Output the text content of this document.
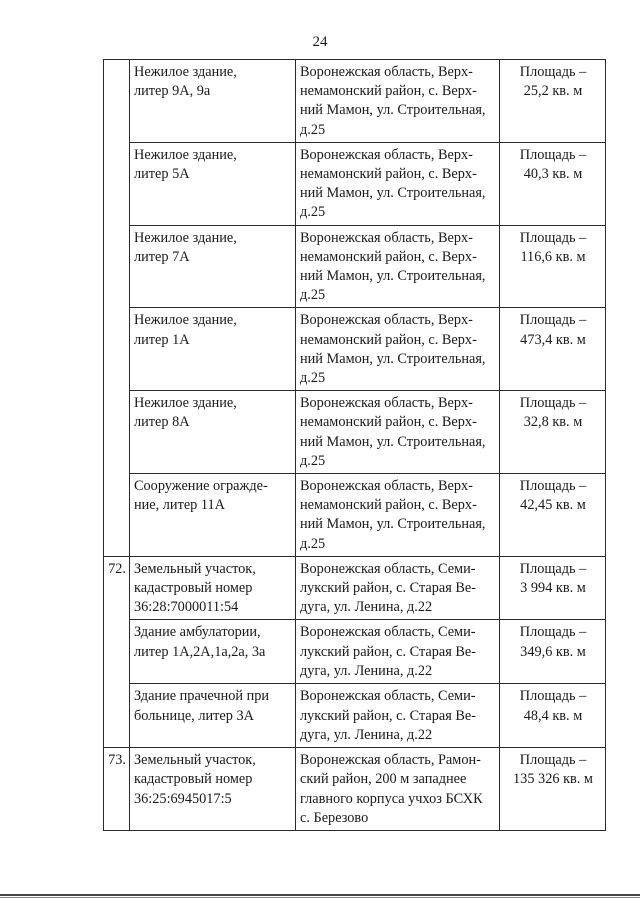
24
	Нежилое здание,
литер 9А, 9а	Воронежская область, Верх-
немамонский район, с. Верх-
ний Мамон, ул. Строительная,
д.25	Площадь –
25,2 кв. м
	Нежилое здание,
литер 5А	Воронежская область, Верх-
немамонский район, с. Верх-
ний Мамон, ул. Строительная,
д.25	Площадь –
40,3 кв. м
	Нежилое здание,
литер 7А	Воронежская область, Верх-
немамонский район, с. Верх-
ний Мамон, ул. Строительная,
д.25	Площадь –
116,6 кв. м
	Нежилое здание,
литер 1А	Воронежская область, Верх-
немамонский район, с. Верх-
ний Мамон, ул. Строительная,
д.25	Площадь –
473,4 кв. м
	Нежилое здание,
литер 8А	Воронежская область, Верх-
немамонский район, с. Верх-
ний Мамон, ул. Строительная,
д.25	Площадь –
32,8 кв. м
	Сооружение огражде-
ние, литер 11А	Воронежская область, Верх-
немамонский район, с. Верх-
ний Мамон, ул. Строительная,
д.25	Площадь –
42,45 кв. м
72.	Земельный участок,
кадастровый номер
36:28:7000011:54	Воронежская область, Семи-
лукский район, с. Старая Ве-
дуга, ул. Ленина, д.22	Площадь –
3 994 кв. м
	Здание амбулатории,
литер 1А,2А,1а,2а, 3а	Воронежская область, Семи-
лукский район, с. Старая Ве-
дуга, ул. Ленина, д.22	Площадь –
349,6 кв. м
	Здание прачечной при
больнице, литер 3А	Воронежская область, Семи-
лукский район, с. Старая Ве-
дуга, ул. Ленина, д.22	Площадь –
48,4 кв. м
73.	Земельный участок,
кадастровый номер
36:25:6945017:5	Воронежская область, Рамон-
ский район, 200 м западнее
главного корпуса учхоз БСХК
с. Березово	Площадь –
135 326 кв. м
